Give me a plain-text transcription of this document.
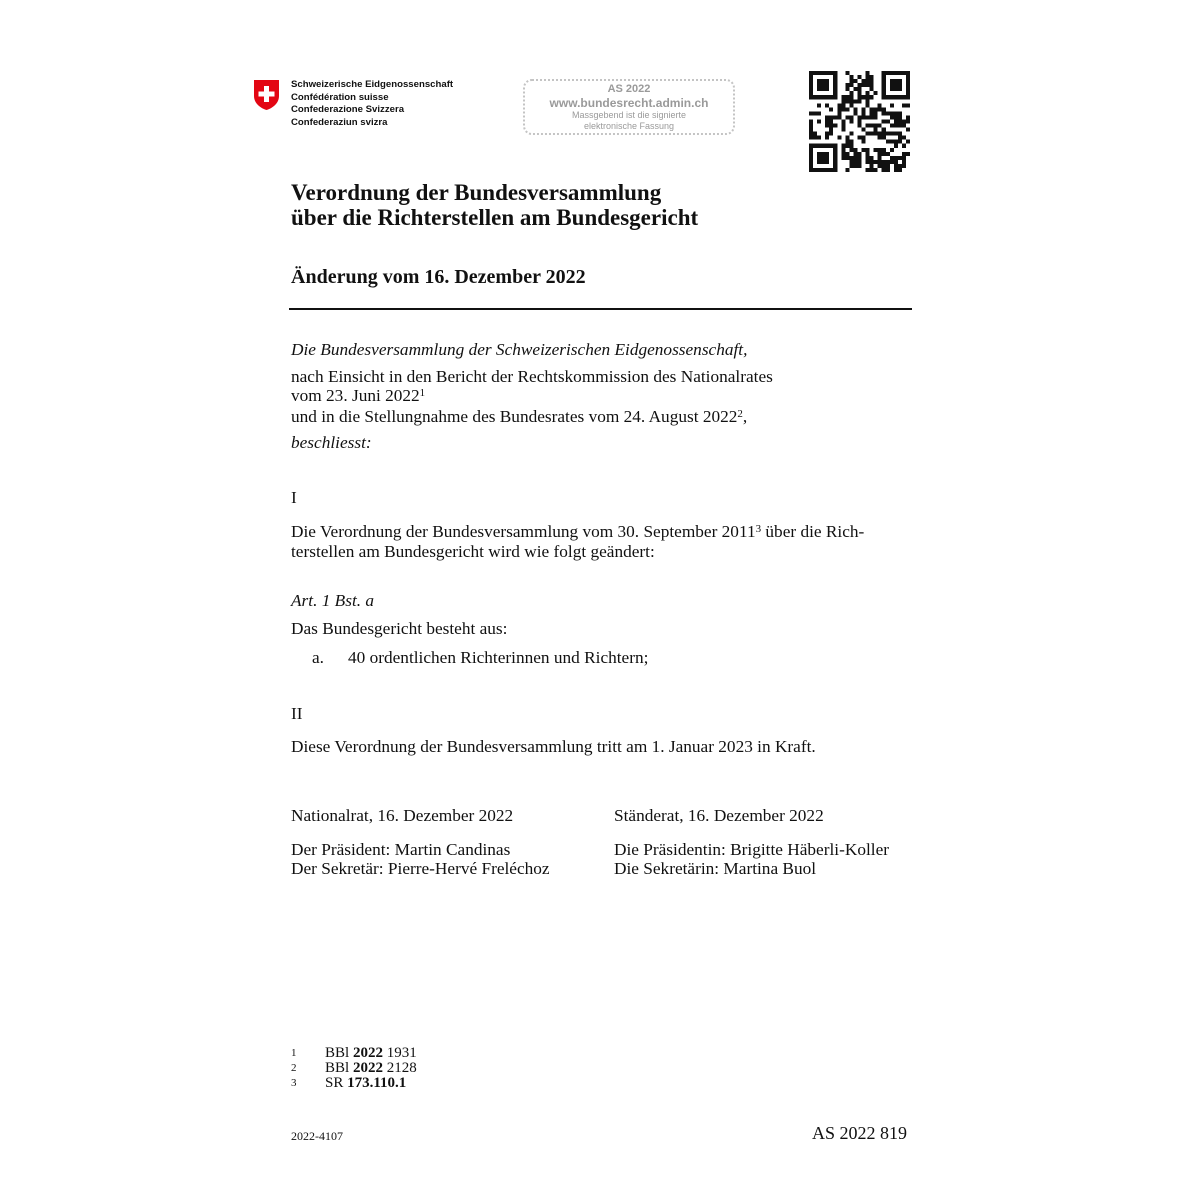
Schweizerische Eidgenossenschaft
Confédération suisse
Confederazione Svizzera
Confederaziun svizra
AS 2022
www.bundesrecht.admin.ch
Massgebend ist die signierte
elektronische Fassung
Verordnung der Bundesversammlung
über die Richterstellen am Bundesgericht
Änderung vom 16. Dezember 2022
Die Bundesversammlung der Schweizerischen Eidgenossenschaft,
nach Einsicht in den Bericht der Rechtskommission des Nationalrates
vom 23. Juni 2022$^1$
und in die Stellungnahme des Bundesrates vom 24. August 2022$^2$,
beschliesst:
I
Die Verordnung der Bundesversammlung vom 30. September 2011$^3$ über die Rich-
terstellen am Bundesgericht wird wie folgt geändert:
Art. 1 Bst. a
Das Bundesgericht besteht aus:
a. 40 ordentlichen Richterinnen und Richtern;
II
Diese Verordnung der Bundesversammlung tritt am 1. Januar 2023 in Kraft.
Nationalrat, 16. Dezember 2022
Der Präsident: Martin Candinas
Der Sekretär: Pierre-Hervé Freléchoz
Ständerat, 16. Dezember 2022
Die Präsidentin: Brigitte Häberli-Koller
Die Sekretärin: Martina Buol
1	BBl 2022 1931
2	BBl 2022 2128
3	SR 173.110.1
2022-4107	AS 2022 819
